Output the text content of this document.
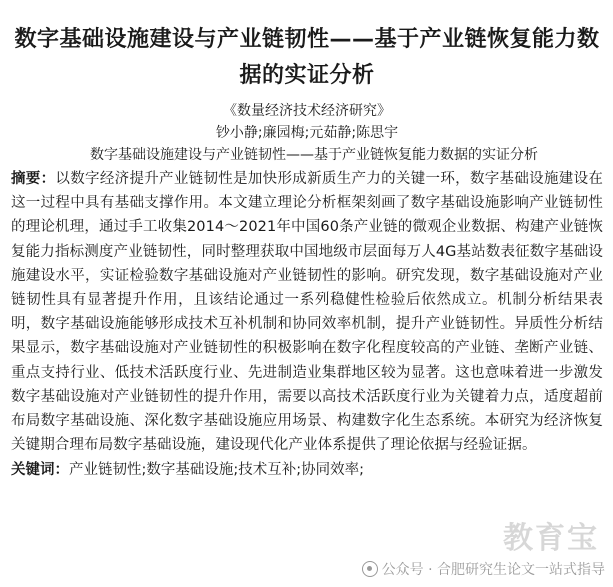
数字基础设施建设与产业链韧性——基于产业链恢复能力数据的实证分析
《数量经济技术经济研究》
钞小静;廉园梅;元茹静;陈思宇
数字基础设施建设与产业链韧性——基于产业链恢复能力数据的实证分析

摘要：以数字经济提升产业链韧性是加快形成新质生产力的关键一环，数字基础设施建设在这一过程中具有基础支撑作用。本文建立理论分析框架刻画了数字基础设施影响产业链韧性的理论机理，通过手工收集2014～2021年中国60条产业链的微观企业数据、构建产业链恢复能力指标测度产业链韧性，同时整理获取中国地级市层面每万人4G基站数表征数字基础设施建设水平，实证检验数字基础设施对产业链韧性的影响。研究发现，数字基础设施对产业链韧性具有显著提升作用，且该结论通过一系列稳健性检验后依然成立。机制分析结果表明，数字基础设施能够形成技术互补机制和协同效率机制，提升产业链韧性。异质性分析结果显示，数字基础设施对产业链韧性的积极影响在数字化程度较高的产业链、垄断产业链、重点支持行业、低技术活跃度行业、先进制造业集群地区较为显著。这也意味着进一步激发数字基础设施对产业链韧性的提升作用，需要以高技术活跃度行业为关键着力点，适度超前布局数字基础设施、深化数字基础设施应用场景、构建数字化生态系统。本研究为经济恢复关键期合理布局数字基础设施，建设现代化产业体系提供了理论依据与经验证据。

关键词：产业链韧性;数字基础设施;技术互补;协同效率;
教育宝
公众号 · 合肥研究生论文一站式指导
